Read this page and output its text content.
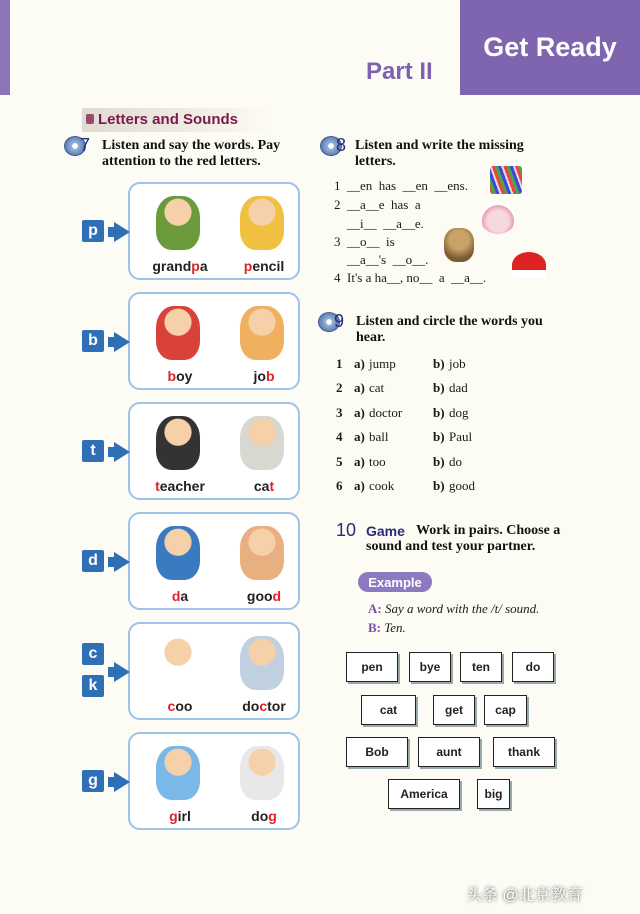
Get Ready
Part II
Letters and Sounds
7 Listen and say the words. Pay attention to the red letters.
8 Listen and write the missing letters.
9 Listen and circle the words you hear.
10 Game Work in pairs. Choose a sound and test your partner.
Example
A: Say a word with the /t/ sound.
B: Ten.
头条 @北京教育
p
grandpa	pencil
b
boy	job
t
teacher	cat
d
da	good
c
k
coo	doctor
g
girl	dog
1  __en  has  __en  __ens.
2  __a__e  has  a
__i__  __a__e.
3  __o__  is
__a__'s  __o__.
4  It's a ha__, no__  a  __a__.
1 a) jump	b) job
2 a) cat	b) dad
3 a) doctor b) dog
4 a) ball	b) Paul
5 a) too	b) do
6 a) cook	b) good
pen	bye	ten	do
cat	get	cap
Bob	aunt	thank
America	big
